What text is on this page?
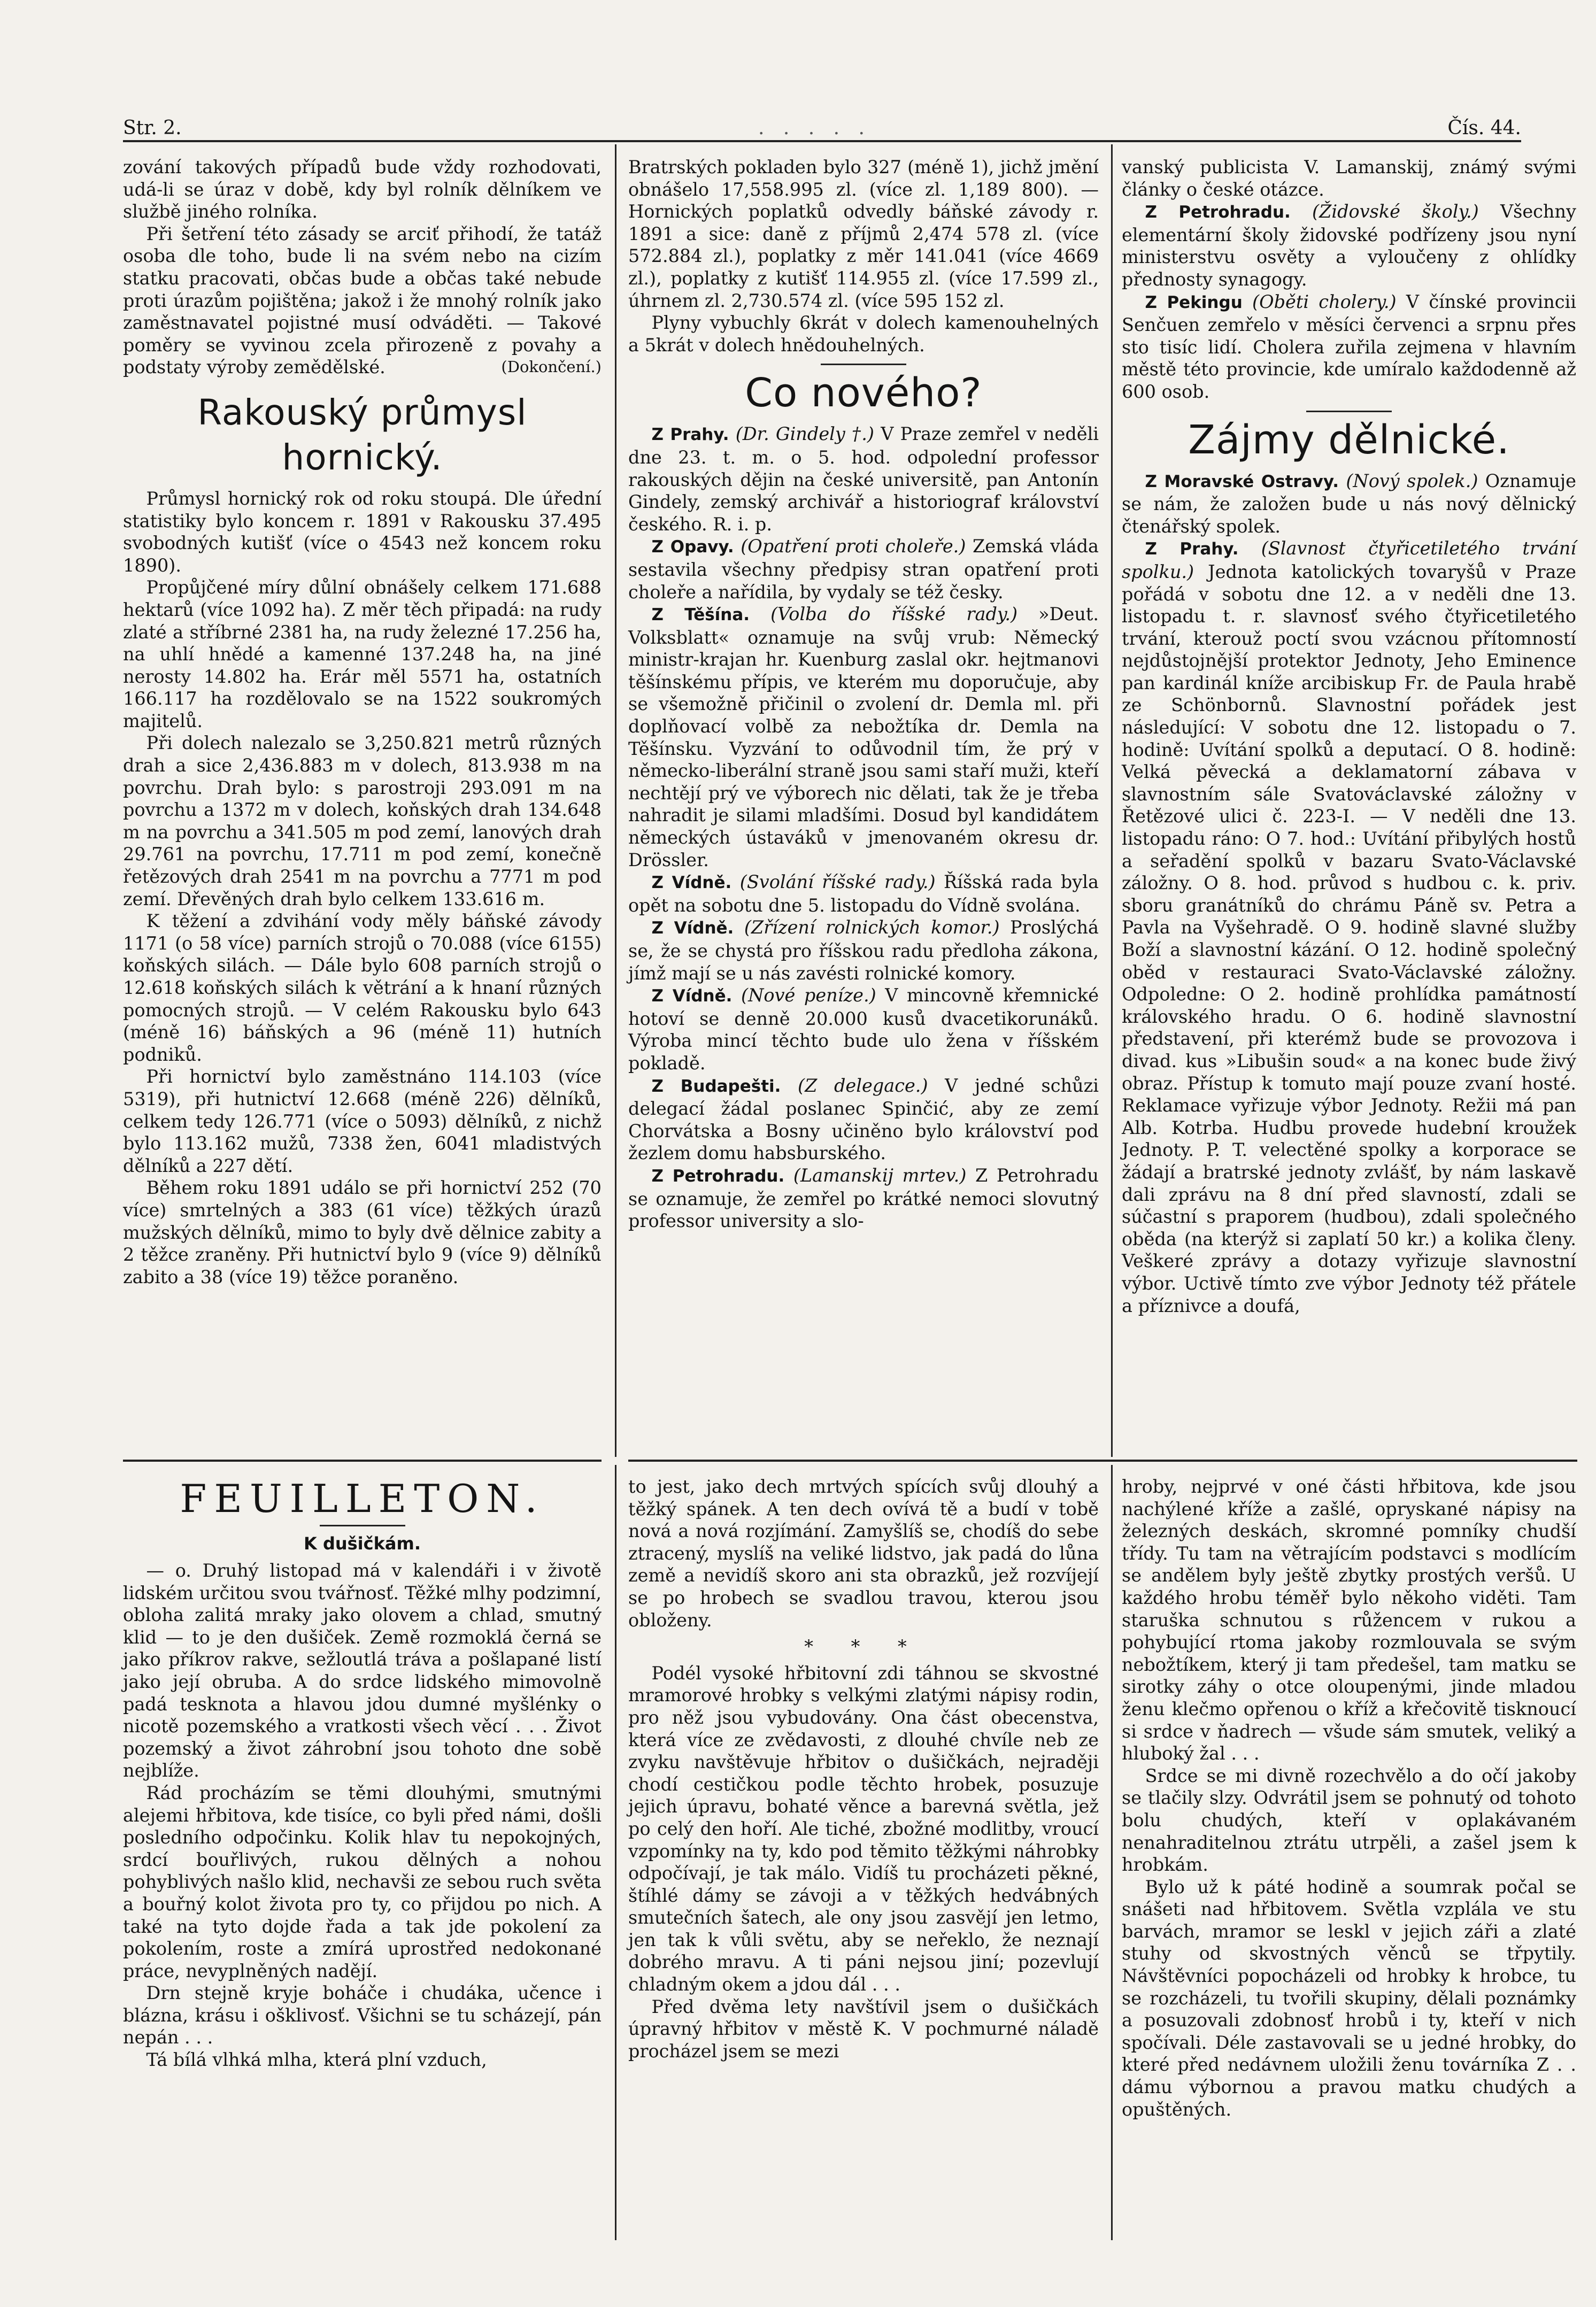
Str. 2.	. . . . .	Čís. 44.

zování takových případů bude vždy rozhodovati, udá-li se úraz v době, kdy byl rolník dělníkem ve službě jiného rolníka.

Při šetření této zásady se arciť přihodí, že tatáž osoba dle toho, bude li na svém nebo na cizím statku pracovati, občas bude a občas také nebude proti úrazům pojištěna; jakož i že mnohý rolník jako zaměstnavatel pojistné musí odváděti. — Takové poměry se vyvinou zcela přirozeně z povahy a podstaty výroby zemědělské.	(Dokončení.)

Rakouský průmysl hornický.

Průmysl hornický rok od roku stoupá. Dle úřední statistiky bylo koncem r. 1891 v Rakousku 37.495 svobodných kutišť (více o 4543 než koncem roku 1890).

Propůjčené míry důlní obnášely celkem 171.688 hektarů (více 1092 ha). Z měr těch připadá: na rudy zlaté a stříbrné 2381 ha, na rudy železné 17.256 ha, na uhlí hnědé a kamenné 137.248 ha, na jiné nerosty 14.802 ha. Erár měl 5571 ha, ostatních 166.117 ha rozdělovalo se na 1522 soukromých majitelů.

Při dolech nalezalo se 3,250.821 metrů různých drah a sice 2,436.883 m v dolech, 813.938 m na povrchu. Drah bylo: s parostroji 293.091 m na povrchu a 1372 m v dolech, koňských drah 134.648 m na povrchu a 341.505 m pod zemí, lanových drah 29.761 na povrchu, 17.711 m pod zemí, konečně řetězových drah 2541 m na povrchu a 7771 m pod zemí. Dřevěných drah bylo celkem 133.616 m.

K těžení a zdvihání vody měly báňské závody 1171 (o 58 více) parních strojů o 70.088 (více 6155) koňských silách. — Dále bylo 608 parních strojů o 12.618 koňských silách k větrání a k hnaní různých pomocných strojů. — V celém Rakousku bylo 643 (méně 16) báňských a 96 (méně 11) hutních podniků.

Při hornictví bylo zaměstnáno 114.103 (více 5319), při hutnictví 12.668 (méně 226) dělníků, celkem tedy 126.771 (více o 5093) dělníků, z nichž bylo 113.162 mužů, 7338 žen, 6041 mladistvých dělníků a 227 dětí.

Během roku 1891 událo se při hornictví 252 (70 více) smrtelných a 383 (61 více) těžkých úrazů mužských dělníků, mimo to byly dvě dělnice zabity a 2 těžce zraněny. Při hutnictví bylo 9 (více 9) dělníků zabito a 38 (více 19) těžce poraněno.

Bratrských pokladen bylo 327 (méně 1), jichž jmění obnášelo 17,558.995 zl. (více zl. 1,189 800). — Hornických poplatků odvedly báňské závody r. 1891 a sice: daně z příjmů 2,474 578 zl. (více 572.884 zl.), poplatky z měr 141.041 (více 4669 zl.), poplatky z kutišť 114.955 zl. (více 17.599 zl., úhrnem zl. 2,730.574 zl. (více 595 152 zl.

Plyny vybuchly 6krát v dolech kamenouhelných a 5krát v dolech hnědouhelných.

Co nového?

Z Prahy. (Dr. Gindely †.) V Praze zemřel v neděli dne 23. t. m. o 5. hod. odpolední professor rakouských dějin na české universitě, pan Antonín Gindely, zemský archivář a historiograf království českého. R. i. p.

Z Opavy. (Opatření proti choleře.) Zemská vláda sestavila všechny předpisy stran opatření proti choleře a nařídila, by vydaly se též česky.

Z Těšína. (Volba do říšské rady.) »Deut. Volksblatt« oznamuje na svůj vrub: Německý ministr-krajan hr. Kuenburg zaslal okr. hejtmanovi těšínskému přípis, ve kterém mu doporučuje, aby se všemožně přičinil o zvolení dr. Demla ml. při doplňovací volbě za nebožtíka dr. Demla na Těšínsku. Vyzvání to odůvodnil tím, že prý v německo-liberální straně jsou sami staří muži, kteří nechtějí prý ve výborech nic dělati, tak že je třeba nahradit je silami mladšími. Dosud byl kandidátem německých ústaváků v jmenovaném okresu dr. Drössler.

Z Vídně. (Svolání říšské rady.) Říšská rada byla opět na sobotu dne 5. listopadu do Vídně svolána.

Z Vídně. (Zřízení rolnických komor.) Proslýchá se, že se chystá pro říšskou radu předloha zákona, jímž mají se u nás zavésti rolnické komory.

Z Vídně. (Nové peníze.) V mincovně křemnické hotoví se denně 20.000 kusů dvacetikorunáků. Výroba mincí těchto bude ulo žena v říšském pokladě.

Z Budapešti. (Z delegace.) V jedné schůzi delegací žádal poslanec Spinčić, aby ze zemí Chorvátska a Bosny učiněno bylo království pod žezlem domu habsburského.

Z Petrohradu. (Lamanskij mrtev.) Z Petrohradu se oznamuje, že zemřel po krátké nemoci slovutný professor university a slo-

vanský publicista V. Lamanskij, známý svými články o české otázce.

Z Petrohradu. (Židovské školy.) Všechny elementární školy židovské podřízeny jsou nyní ministerstvu osvěty a vyloučeny z ohlídky přednosty synagogy.

Z Pekingu (Oběti cholery.) V čínské provincii Senčuen zemřelo v měsíci červenci a srpnu přes sto tisíc lidí. Cholera zuřila zejmena v hlavním městě této provincie, kde umíralo každodenně až 600 osob.

Zájmy dělnické.

Z Moravské Ostravy. (Nový spolek.) Oznamuje se nám, že založen bude u nás nový dělnický čtenářský spolek.

Z Prahy. (Slavnost čtyřicetiletého trvání spolku.) Jednota katolických tovaryšů v Praze pořádá v sobotu dne 12. a v neděli dne 13. listopadu t. r. slavnosť svého čtyřicetiletého trvání, kterouž poctí svou vzácnou přítomností nejdůstojnější protektor Jednoty, Jeho Eminence pan kardinál kníže arcibiskup Fr. de Paula hrabě ze Schönbornů. Slavnostní pořádek jest následující: V sobotu dne 12. listopadu o 7. hodině: Uvítání spolků a deputací. O 8. hodině: Velká pěvecká a deklamatorní zábava v slavnostním sále Svatováclavské záložny v Řetězové ulici č. 223-I. — V neděli dne 13. listopadu ráno: O 7. hod.: Uvítání přibylých hostů a seřadění spolků v bazaru Svato-Václavské záložny. O 8. hod. průvod s hudbou c. k. priv. sboru granátníků do chrámu Páně sv. Petra a Pavla na Vyšehradě. O 9. hodině slavné služby Boží a slavnostní kázání. O 12. hodině společný oběd v restauraci Svato-Václavské záložny. Odpoledne: O 2. hodině prohlídka památností královského hradu. O 6. hodině slavnostní představení, při kterémž bude se provozova i divad. kus »Libušin soud« a na konec bude živý obraz. Přístup k tomuto mají pouze zvaní hosté. Reklamace vyřizuje výbor Jednoty. Režii má pan Alb. Kotrba. Hudbu provede hudební kroužek Jednoty. P. T. velectěné spolky a korporace se žádají a bratrské jednoty zvlášť, by nám laskavě dali zprávu na 8 dní před slavností, zdali se súčastní s praporem (hudbou), zdali společného oběda (na kterýž si zaplatí 50 kr.) a kolika členy. Veškeré zprávy a dotazy vyřizuje slavnostní výbor. Uctivě tímto zve výbor Jednoty též přátele a příznivce a doufá,

FEUILLETON.
K dušičkám.

— o. Druhý listopad má v kalendáři i v životě lidském určitou svou tvářnosť. Těžké mlhy podzimní, obloha zalitá mraky jako olovem a chlad, smutný klid — to je den dušiček. Země rozmoklá černá se jako příkrov rakve, sežloutlá tráva a pošlapané listí jako její obruba. A do srdce lidského mimovolně padá tesknota a hlavou jdou dumné myšlénky o nicotě pozemského a vratkosti všech věcí . . . Život pozemský a život záhrobní jsou tohoto dne sobě nejblíže.

Rád procházím se těmi dlouhými, smutnými alejemi hřbitova, kde tisíce, co byli před námi, došli posledního odpočinku. Kolik hlav tu nepokojných, srdcí bouřlivých, rukou dělných a nohou pohyblivých našlo klid, nechavši ze sebou ruch světa a bouřný kolot života pro ty, co přijdou po nich. A také na tyto dojde řada a tak jde pokolení za pokolením, roste a zmírá uprostřed nedokonané práce, nevyplněných nadějí.

Drn stejně kryje boháče i chudáka, učence i blázna, krásu i ošklivosť. Všichni se tu scházejí, pán nepán . . .

Tá bílá vlhká mlha, která plní vzduch,

to jest, jako dech mrtvých spících svůj dlouhý a těžký spánek. A ten dech ovívá tě a budí v tobě nová a nová rozjímání. Zamyšlíš se, chodíš do sebe ztracený, myslíš na veliké lidstvo, jak padá do lůna země a nevidíš skoro ani sta obrazků, jež rozvíjejí se po hrobech se svadlou travou, kterou jsou obloženy.

* * *

Podél vysoké hřbitovní zdi táhnou se skvostné mramorové hrobky s velkými zlatými nápisy rodin, pro něž jsou vybudovány. Ona část obecenstva, která více ze zvědavosti, z dlouhé chvíle neb ze zvyku navštěvuje hřbitov o dušičkách, nejraději chodí cestičkou podle těchto hrobek, posuzuje jejich úpravu, bohaté věnce a barevná světla, jež po celý den hoří. Ale tiché, zbožné modlitby, vroucí vzpomínky na ty, kdo pod těmito těžkými náhrobky odpočívají, je tak málo. Vidíš tu procházeti pěkné, štíhlé dámy se závoji a v těžkých hedvábných smutečních šatech, ale ony jsou zasvějí jen letmo, jen tak k vůli světu, aby se neřeklo, že neznají dobrého mravu. A ti páni nejsou jiní; pozevlují chladným okem a jdou dál . . .

Před dvěma lety navštívil jsem o dušičkách úpravný hřbitov v městě K. V pochmurné náladě procházel jsem se mezi

hroby, nejprvé v oné části hřbitova, kde jsou nachýlené kříže a zašlé, opryskané nápisy na železných deskách, skromné pomníky chudší třídy. Tu tam na větrajícím podstavci s modlícím se andělem byly ještě zbytky prostých veršů. U každého hrobu téměř bylo někoho viděti. Tam staruška schnutou s růžencem v rukou a pohybující rtoma jakoby rozmlouvala se svým nebožtíkem, který ji tam předešel, tam matku se sirotky záhy o otce oloupenými, jinde mladou ženu klečmo opřenou o kříž a křečovitě tisknoucí si srdce v ňadrech — všude sám smutek, veliký a hluboký žal . . .

Srdce se mi divně rozechvělo a do očí jakoby se tlačily slzy. Odvrátil jsem se pohnutý od tohoto bolu chudých, kteří v oplakávaném nenahraditelnou ztrátu utrpěli, a zašel jsem k hrobkám.

Bylo už k páté hodině a soumrak počal se snášeti nad hřbitovem. Světla vzplála ve stu barvách, mramor se leskl v jejich záři a zlaté stuhy od skvostných věnců se třpytily. Návštěvníci popocházeli od hrobky k hrobce, tu se rozcházeli, tu tvořili skupiny, dělali poznámky a posuzovali zdobnosť hrobů i ty, kteří v nich spočívali. Déle zastavovali se u jedné hrobky, do které před nedávnem uložili ženu továrníka Z . . dámu výbornou a pravou matku chudých a opuštěných.
